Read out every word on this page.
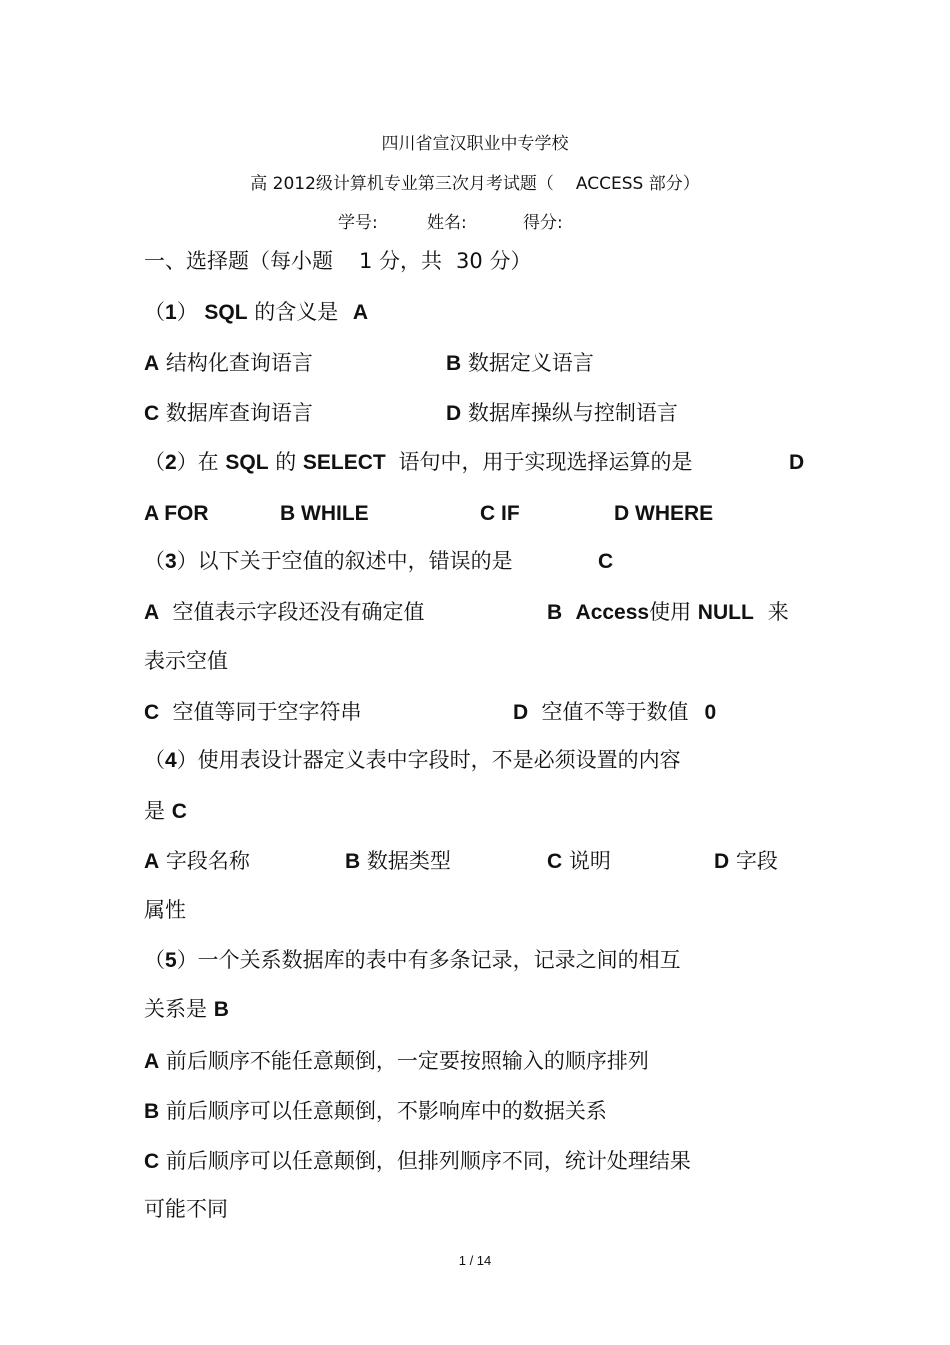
四川省宣汉职业中专学校
高 2012级计算机专业第三次月考试题（ ACCESS 部分）
学号:	姓名:	得分:
一、选择题（每小题 1 分，共 30 分）
（1） SQL 的含义是 A
A 结构化查询语言	B 数据定义语言
C 数据库查询语言	D 数据库操纵与控制语言
（2）在 SQL 的 SELECT 语句中，用于实现选择运算的是	D
A FOR	B WHILE	C IF	D WHERE
（3）以下关于空值的叙述中，错误的是	C
A 空值表示字段还没有确定值	B Access使用 NULL 来
表示空值
C 空值等同于空字符串	D 空值不等于数值 0
（4）使用表设计器定义表中字段时，不是必须设置的内容
是 C
A 字段名称	B 数据类型	C 说明	D 字段
属性
（5）一个关系数据库的表中有多条记录，记录之间的相互
关系是 B
A 前后顺序不能任意颠倒，一定要按照输入的顺序排列
B 前后顺序可以任意颠倒，不影响库中的数据关系
C 前后顺序可以任意颠倒，但排列顺序不同，统计处理结果
可能不同
1 / 14
